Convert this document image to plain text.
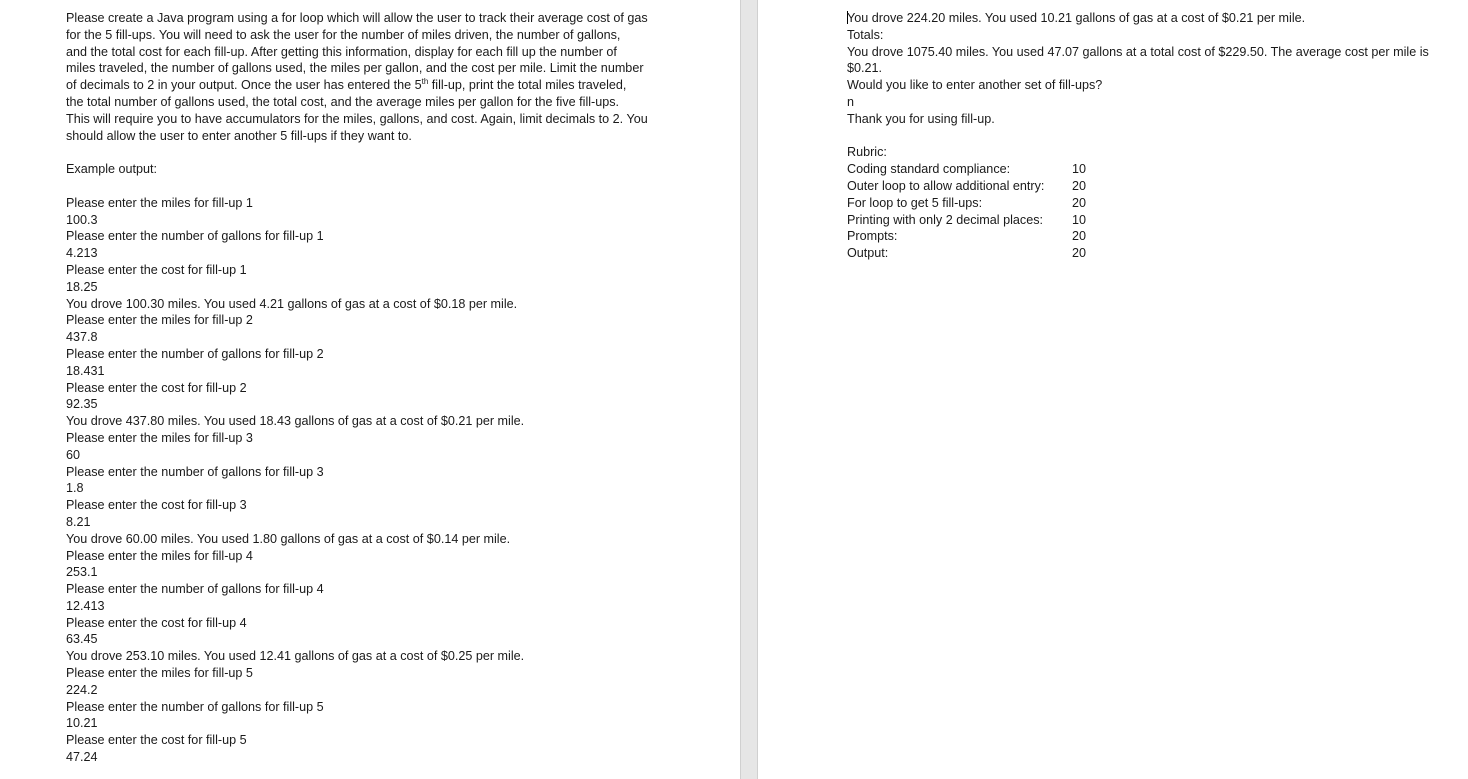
Please create a Java program using a for loop which will allow the user to track their average cost of gas
for the 5 fill-ups. You will need to ask the user for the number of miles driven, the number of gallons,
and the total cost for each fill-up. After getting this information, display for each fill up the number of
miles traveled, the number of gallons used, the miles per gallon, and the cost per mile. Limit the number
of decimals to 2 in your output. Once the user has entered the 5th fill-up, print the total miles traveled,
the total number of gallons used, the total cost, and the average miles per gallon for the five fill-ups.
This will require you to have accumulators for the miles, gallons, and cost. Again, limit decimals to 2. You
should allow the user to enter another 5 fill-ups if they want to.
Example output:
Please enter the miles for fill-up 1
100.3
Please enter the number of gallons for fill-up 1
4.213
Please enter the cost for fill-up 1
18.25
You drove 100.30 miles. You used 4.21 gallons of gas at a cost of $0.18 per mile.
Please enter the miles for fill-up 2
437.8
Please enter the number of gallons for fill-up 2
18.431
Please enter the cost for fill-up 2
92.35
You drove 437.80 miles. You used 18.43 gallons of gas at a cost of $0.21 per mile.
Please enter the miles for fill-up 3
60
Please enter the number of gallons for fill-up 3
1.8
Please enter the cost for fill-up 3
8.21
You drove 60.00 miles. You used 1.80 gallons of gas at a cost of $0.14 per mile.
Please enter the miles for fill-up 4
253.1
Please enter the number of gallons for fill-up 4
12.413
Please enter the cost for fill-up 4
63.45
You drove 253.10 miles. You used 12.41 gallons of gas at a cost of $0.25 per mile.
Please enter the miles for fill-up 5
224.2
Please enter the number of gallons for fill-up 5
10.21
Please enter the cost for fill-up 5
47.24
You drove 224.20 miles. You used 10.21 gallons of gas at a cost of $0.21 per mile.
Totals:
You drove 1075.40 miles. You used 47.07 gallons at a total cost of $229.50. The average cost per mile is
$0.21.
Would you like to enter another set of fill-ups?
n
Thank you for using fill-up.
Rubric:
Coding standard compliance:	10
Outer loop to allow additional entry:	20
For loop to get 5 fill-ups:	20
Printing with only 2 decimal places:	10
Prompts:	20
Output:	20
